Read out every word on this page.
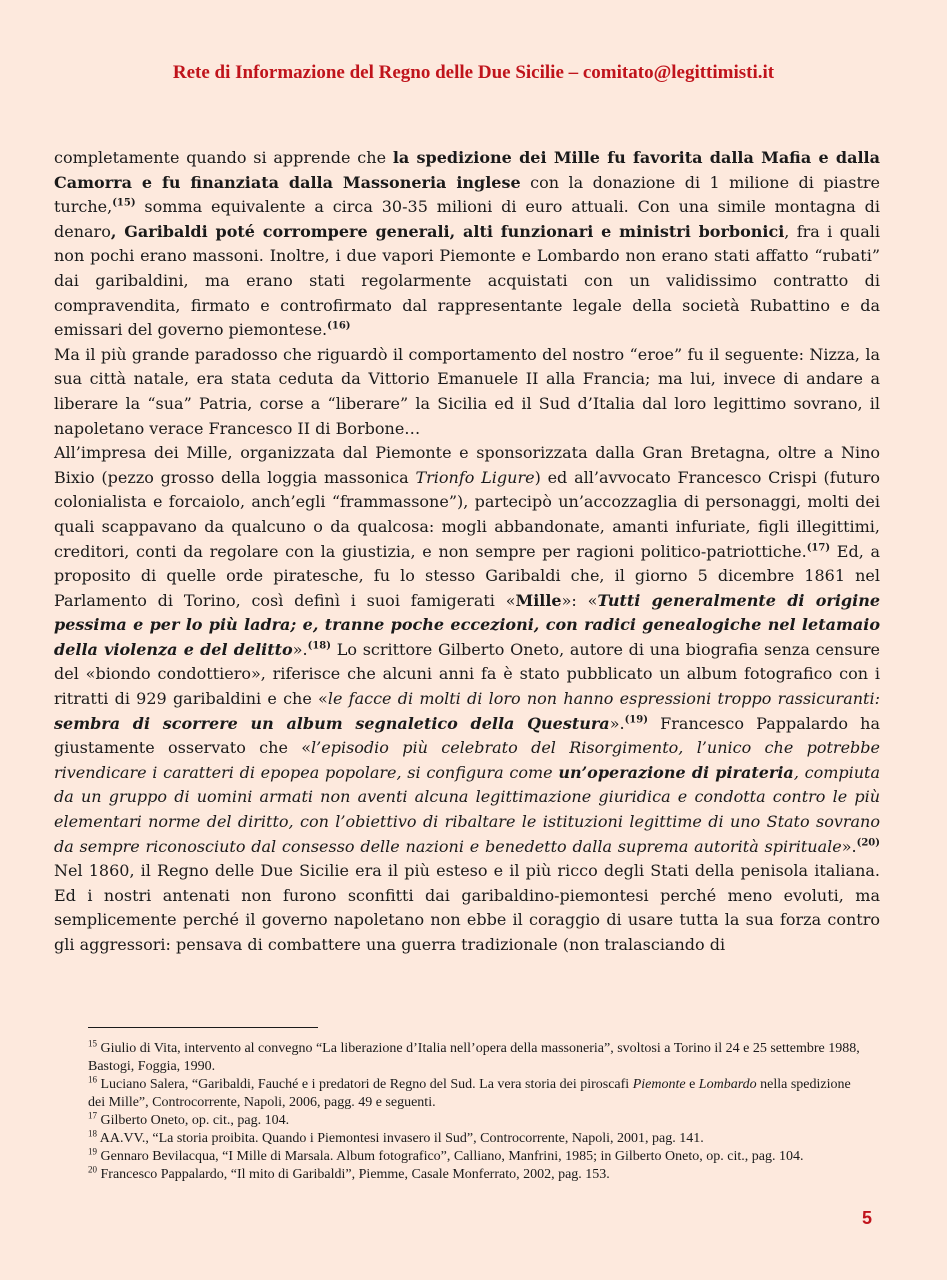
Rete di Informazione del Regno delle Due Sicilie – comitato@legittimisti.it

completamente quando si apprende che la spedizione dei Mille fu favorita dalla Mafia e dalla Camorra e fu finanziata dalla Massoneria inglese con la donazione di 1 milione di piastre turche,$^{(15)}$ somma equivalente a circa 30-35 milioni di euro attuali. Con una simile montagna di denaro, Garibaldi poté corrompere generali, alti funzionari e ministri borbonici, fra i quali non pochi erano massoni. Inoltre, i due vapori Piemonte e Lombardo non erano stati affatto “rubati” dai garibaldini, ma erano stati regolarmente acquistati con un validissimo contratto di compravendita, firmato e controfirmato dal rappresentante legale della società Rubattino e da emissari del governo piemontese.$^{(16)}$

Ma il più grande paradosso che riguardò il comportamento del nostro “eroe” fu il seguente: Nizza, la sua città natale, era stata ceduta da Vittorio Emanuele II alla Francia; ma lui, invece di andare a liberare la “sua” Patria, corse a “liberare” la Sicilia ed il Sud d’Italia dal loro legittimo sovrano, il napoletano verace Francesco II di Borbone…

All’impresa dei Mille, organizzata dal Piemonte e sponsorizzata dalla Gran Bretagna, oltre a Nino Bixio (pezzo grosso della loggia massonica Trionfo Ligure) ed all’avvocato Francesco Crispi (futuro colonialista e forcaiolo, anch’egli “frammassone”), partecipò un’accozzaglia di personaggi, molti dei quali scappavano da qualcuno o da qualcosa: mogli abbandonate, amanti infuriate, figli illegittimi, creditori, conti da regolare con la giustizia, e non sempre per ragioni politico-patriottiche.$^{(17)}$ Ed, a proposito di quelle orde piratesche, fu lo stesso Garibaldi che, il giorno 5 dicembre 1861 nel Parlamento di Torino, così definì i suoi famigerati «Mille»: «Tutti generalmente di origine pessima e per lo più ladra; e, tranne poche eccezioni, con radici genealogiche nel letamaio della violenza e del delitto».$^{(18)}$ Lo scrittore Gilberto Oneto, autore di una biografia senza censure del «biondo condottiero», riferisce che alcuni anni fa è stato pubblicato un album fotografico con i ritratti di 929 garibaldini e che «le facce di molti di loro non hanno espressioni troppo rassicuranti: sembra di scorrere un album segnaletico della Questura».$^{(19)}$ Francesco Pappalardo ha giustamente osservato che «l’episodio più celebrato del Risorgimento, l’unico che potrebbe rivendicare i caratteri di epopea popolare, si configura come un’operazione di pirateria, compiuta da un gruppo di uomini armati non aventi alcuna legittimazione giuridica e condotta contro le più elementari norme del diritto, con l’obiettivo di ribaltare le istituzioni legittime di uno Stato sovrano da sempre riconosciuto dal consesso delle nazioni e benedetto dalla suprema autorità spirituale».$^{(20)}$ Nel 1860, il Regno delle Due Sicilie era il più esteso e il più ricco degli Stati della penisola italiana. Ed i nostri antenati non furono sconfitti dai garibaldino-piemontesi perché meno evoluti, ma semplicemente perché il governo napoletano non ebbe il coraggio di usare tutta la sua forza contro gli aggressori: pensava di combattere una guerra tradizionale (non tralasciando di

$^{15}$ Giulio di Vita, intervento al convegno “La liberazione d’Italia nell’opera della massoneria”, svoltosi a Torino il 24 e 25 settembre 1988, Bastogi, Foggia, 1990.
$^{16}$ Luciano Salera, “Garibaldi, Fauché e i predatori de Regno del Sud. La vera storia dei piroscafi Piemonte e Lombardo nella spedizione dei Mille”, Controcorrente, Napoli, 2006, pagg. 49 e seguenti.
$^{17}$ Gilberto Oneto, op. cit., pag. 104.
$^{18}$ AA.VV., “La storia proibita. Quando i Piemontesi invasero il Sud”, Controcorrente, Napoli, 2001, pag. 141.
$^{19}$ Gennaro Bevilacqua, “I Mille di Marsala. Album fotografico”, Calliano, Manfrini, 1985; in Gilberto Oneto, op. cit., pag. 104.
$^{20}$ Francesco Pappalardo, “Il mito di Garibaldi”, Piemme, Casale Monferrato, 2002, pag. 153.
5
